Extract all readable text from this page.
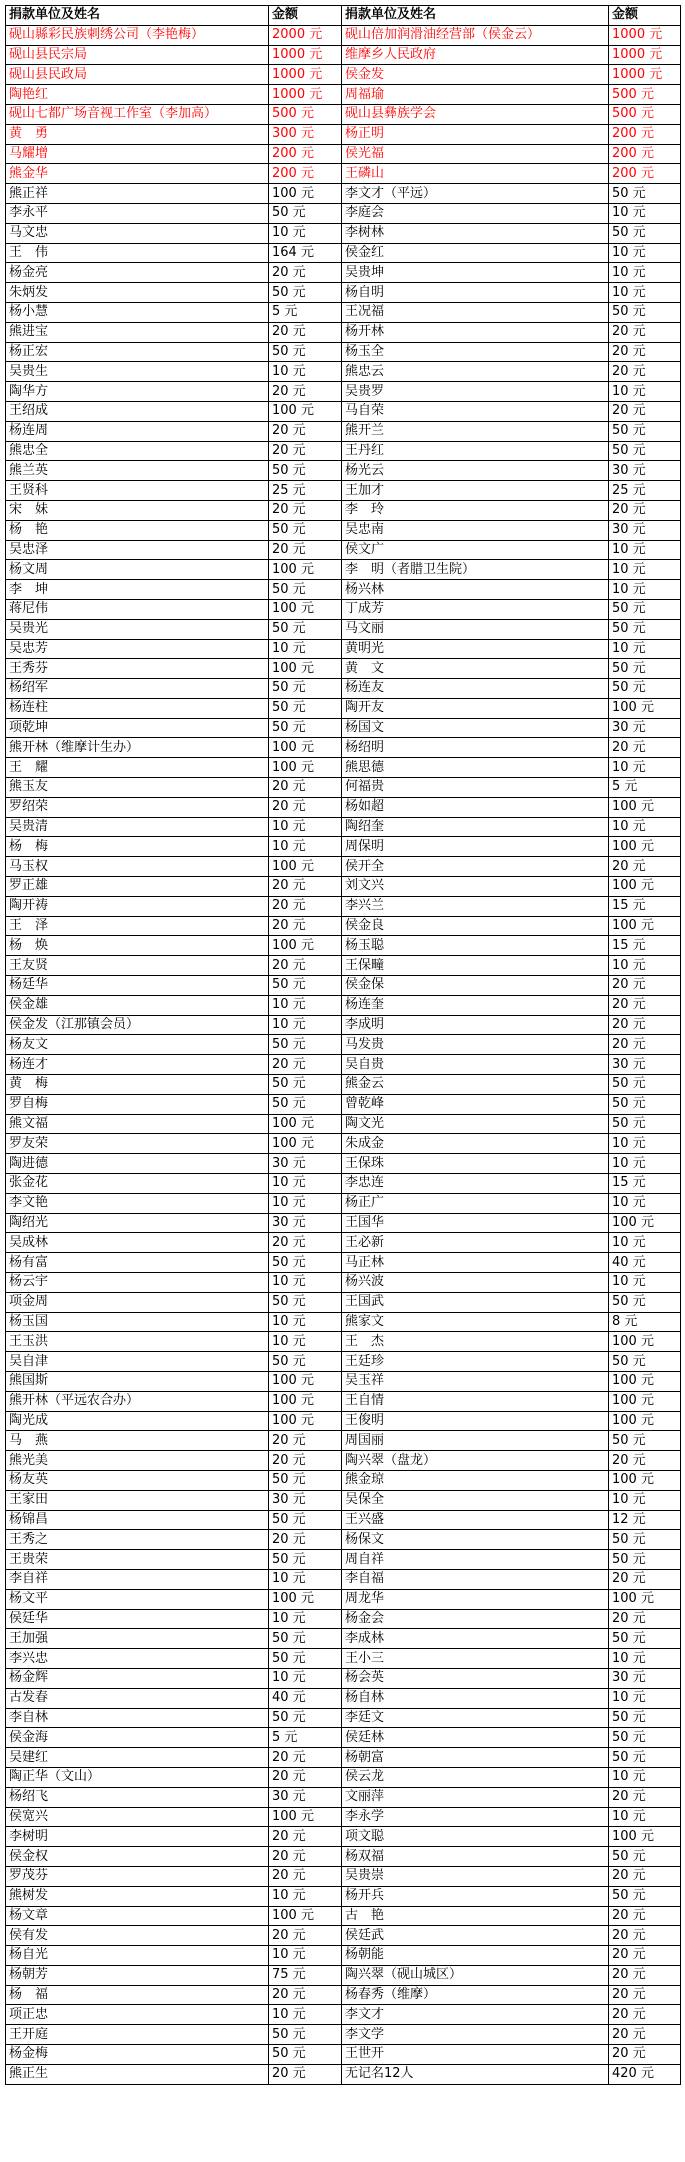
捐款单位及姓名	金额	捐款单位及姓名	金额
砚山縣彩民族刺绣公司（李艳梅）	2000 元	砚山倍加润滑油经营部（侯金云）	1000 元
砚山县民宗局	1000 元	维摩乡人民政府	1000 元
砚山县民政局	1000 元	侯金发	1000 元
陶艳红	1000 元	周福瑜	500 元
砚山七都广场音视工作室（李加高）	500 元	砚山县彝族学会	500 元
黄　勇	300 元	杨正明	200 元
马耀增	200 元	侯光福	200 元
熊金华	200 元	王磷山	200 元
熊正祥	100 元	李文才（平远）	50 元
李永平	50 元	李庭会	10 元
马文忠	10 元	李树林	50 元
王　伟	164 元	侯金红	10 元
杨金亮	20 元	吴贵坤	10 元
朱炳发	50 元	杨自明	10 元
杨小慧	5 元	王况福	50 元
熊进宝	20 元	杨开林	20 元
杨正宏	50 元	杨玉全	20 元
吴贵生	10 元	熊忠云	20 元
陶华方	20 元	吴贵罗	10 元
王绍成	100 元	马自荣	20 元
杨连周	20 元	熊开兰	50 元
熊忠全	20 元	王丹红	50 元
熊兰英	50 元	杨光云	30 元
王贤科	25 元	王加才	25 元
宋　妹	20 元	李　玲	20 元
杨　艳	50 元	吴忠南	30 元
吴忠泽	20 元	侯文广	10 元
杨文周	100 元	李　明（者腊卫生院）	10 元
李　坤	50 元	杨兴林	10 元
蒋尼伟	100 元	丁成芳	50 元
吴贵光	50 元	马文丽	50 元
吴忠芳	10 元	黄明光	10 元
王秀芬	100 元	黄　文	50 元
杨绍军	50 元	杨连友	50 元
杨连柱	50 元	陶开友	100 元
项乾坤	50 元	杨国文	30 元
熊开林（维摩计生办）	100 元	杨绍明	20 元
王　耀	100 元	熊思德	10 元
熊玉友	20 元	何福贵	5 元
罗绍荣	20 元	杨如超	100 元
吴贵清	10 元	陶绍奎	10 元
杨　梅	10 元	周保明	100 元
马玉权	100 元	侯开全	20 元
罗正雄	20 元	刘文兴	100 元
陶开祷	20 元	李兴兰	15 元
王　泽	20 元	侯金良	100 元
杨　焕	100 元	杨玉聪	15 元
王友贤	20 元	王保疃	10 元
杨廷华	50 元	侯金保	20 元
侯金雄	10 元	杨连奎	20 元
侯金发（江那镇会员）	10 元	李成明	20 元
杨友文	50 元	马发贵	20 元
杨连才	20 元	吴自贵	30 元
黄　梅	50 元	熊金云	50 元
罗自梅	50 元	曾乾峰	50 元
熊文福	100 元	陶文光	50 元
罗友荣	100 元	朱成金	10 元
陶进德	30 元	王保珠	10 元
张金花	10 元	李忠连	15 元
李文艳	10 元	杨正广	10 元
陶绍光	30 元	王国华	100 元
吴成林	20 元	王必新	10 元
杨有富	50 元	马正林	40 元
杨云宇	10 元	杨兴波	10 元
项金周	50 元	王国武	50 元
杨玉国	10 元	熊家文	8 元
王玉洪	10 元	王　杰	100 元
吴自津	50 元	王廷珍	50 元
熊国斯	100 元	吴玉祥	100 元
熊开林（平远农合办）	100 元	王自情	100 元
陶光成	100 元	王俊明	100 元
马　燕	20 元	周国丽	50 元
熊光美	20 元	陶兴翠（盘龙）	20 元
杨友英	50 元	熊金琼	100 元
王家田	30 元	吴保全	10 元
杨锦昌	50 元	王兴盛	12 元
王秀之	20 元	杨保文	50 元
王贵荣	50 元	周自祥	50 元
李自祥	10 元	李自福	20 元
杨文平	100 元	周龙华	100 元
侯廷华	10 元	杨金会	20 元
王加强	50 元	李成林	50 元
李兴忠	50 元	王小三	10 元
杨金辉	10 元	杨会英	30 元
古发春	40 元	杨自林	10 元
李自林	50 元	李廷文	50 元
侯金海	5 元	侯廷林	50 元
吴建红	20 元	杨朝富	50 元
陶正华（文山）	20 元	侯云龙	10 元
杨绍飞	30 元	文丽萍	20 元
侯宽兴	100 元	李永学	10 元
李树明	20 元	项文聪	100 元
侯金权	20 元	杨双福	50 元
罗茂芬	20 元	吴贵崇	20 元
熊树发	10 元	杨开兵	50 元
杨文章	100 元	古　艳	20 元
侯有发	20 元	侯廷武	20 元
杨自光	10 元	杨朝能	20 元
杨朝芳	75 元	陶兴翠（砚山城区）	20 元
杨　福	20 元	杨春秀（维摩）	20 元
项正忠	10 元	李文才	20 元
王开庭	50 元	李文学	20 元
杨金梅	50 元	王世开	20 元
熊正生	20 元	无记名12人	420 元
